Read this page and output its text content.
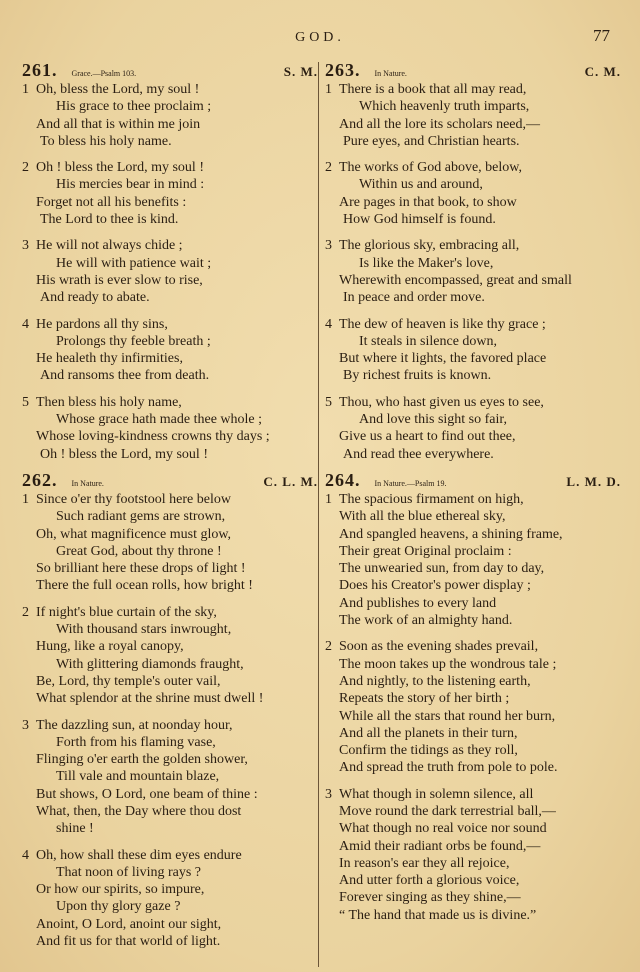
GOD.	77
261.	Grace.—Psalm 103.	S. M.
1 Oh, bless the Lord, my soul !
His grace to thee proclaim ;
And all that is within me join
To bless his holy name.
2 Oh ! bless the Lord, my soul !
His mercies bear in mind :
Forget not all his benefits :
The Lord to thee is kind.
3 He will not always chide ;
He will with patience wait ;
His wrath is ever slow to rise,
And ready to abate.
4 He pardons all thy sins,
Prolongs thy feeble breath ;
He healeth thy infirmities,
And ransoms thee from death.
5 Then bless his holy name,
Whose grace hath made thee whole ;
Whose loving-kindness crowns thy days ;
Oh ! bless the Lord, my soul !
262.	In Nature.	C. L. M.
1 Since o'er thy footstool here below
Such radiant gems are strown,
Oh, what magnificence must glow,
Great God, about thy throne !
So brilliant here these drops of light !
There the full ocean rolls, how bright !
2 If night's blue curtain of the sky,
With thousand stars inwrought,
Hung, like a royal canopy,
With glittering diamonds fraught,
Be, Lord, thy temple's outer vail,
What splendor at the shrine must dwell !
3 The dazzling sun, at noonday hour,
Forth from his flaming vase,
Flinging o'er earth the golden shower,
Till vale and mountain blaze,
But shows, O Lord, one beam of thine :
What, then, the Day where thou dost
shine !
4 Oh, how shall these dim eyes endure
That noon of living rays ?
Or how our spirits, so impure,
Upon thy glory gaze ?
Anoint, O Lord, anoint our sight,
And fit us for that world of light.
263.	In Nature.	C. M.
1 There is a book that all may read,
Which heavenly truth imparts,
And all the lore its scholars need,—
Pure eyes, and Christian hearts.
2 The works of God above, below,
Within us and around,
Are pages in that book, to show
How God himself is found.
3 The glorious sky, embracing all,
Is like the Maker's love,
Wherewith encompassed, great and small
In peace and order move.
4 The dew of heaven is like thy grace ;
It steals in silence down,
But where it lights, the favored place
By richest fruits is known.
5 Thou, who hast given us eyes to see,
And love this sight so fair,
Give us a heart to find out thee,
And read thee everywhere.
264.	In Nature.—Psalm 19.	L. M. D.
1 The spacious firmament on high,
With all the blue ethereal sky,
And spangled heavens, a shining frame,
Their great Original proclaim :
The unwearied sun, from day to day,
Does his Creator's power display ;
And publishes to every land
The work of an almighty hand.
2 Soon as the evening shades prevail,
The moon takes up the wondrous tale ;
And nightly, to the listening earth,
Repeats the story of her birth ;
While all the stars that round her burn,
And all the planets in their turn,
Confirm the tidings as they roll,
And spread the truth from pole to pole.
3 What though in solemn silence, all
Move round the dark terrestrial ball,—
What though no real voice nor sound
Amid their radiant orbs be found,—
In reason's ear they all rejoice,
And utter forth a glorious voice,
Forever singing as they shine,—
“ The hand that made us is divine.”
